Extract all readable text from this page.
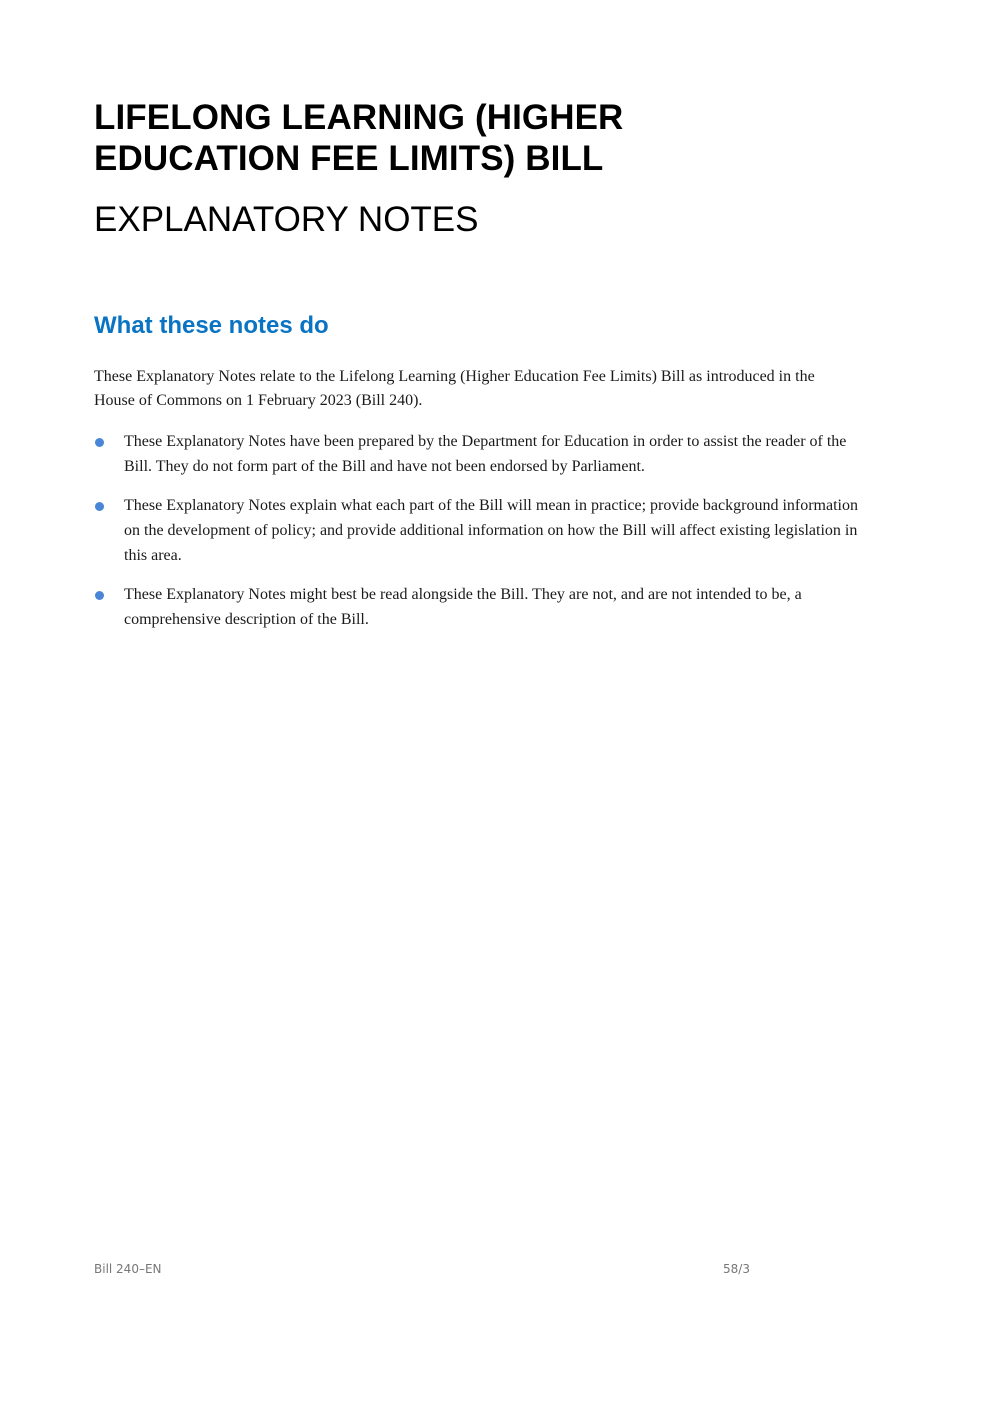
LIFELONG LEARNING (HIGHER
EDUCATION FEE LIMITS) BILL
EXPLANATORY NOTES
What these notes do

These Explanatory Notes relate to the Lifelong Learning (Higher Education Fee Limits) Bill as introduced in the House of Commons on 1 February 2023 (Bill 240).

These Explanatory Notes have been prepared by the Department for Education in order to assist the reader of the Bill. They do not form part of the Bill and have not been endorsed by Parliament.
These Explanatory Notes explain what each part of the Bill will mean in practice; provide background information on the development of policy; and provide additional information on how the Bill will affect existing legislation in this area.
These Explanatory Notes might best be read alongside the Bill. They are not, and are not intended to be, a comprehensive description of the Bill.
Bill 240–EN	58/3
